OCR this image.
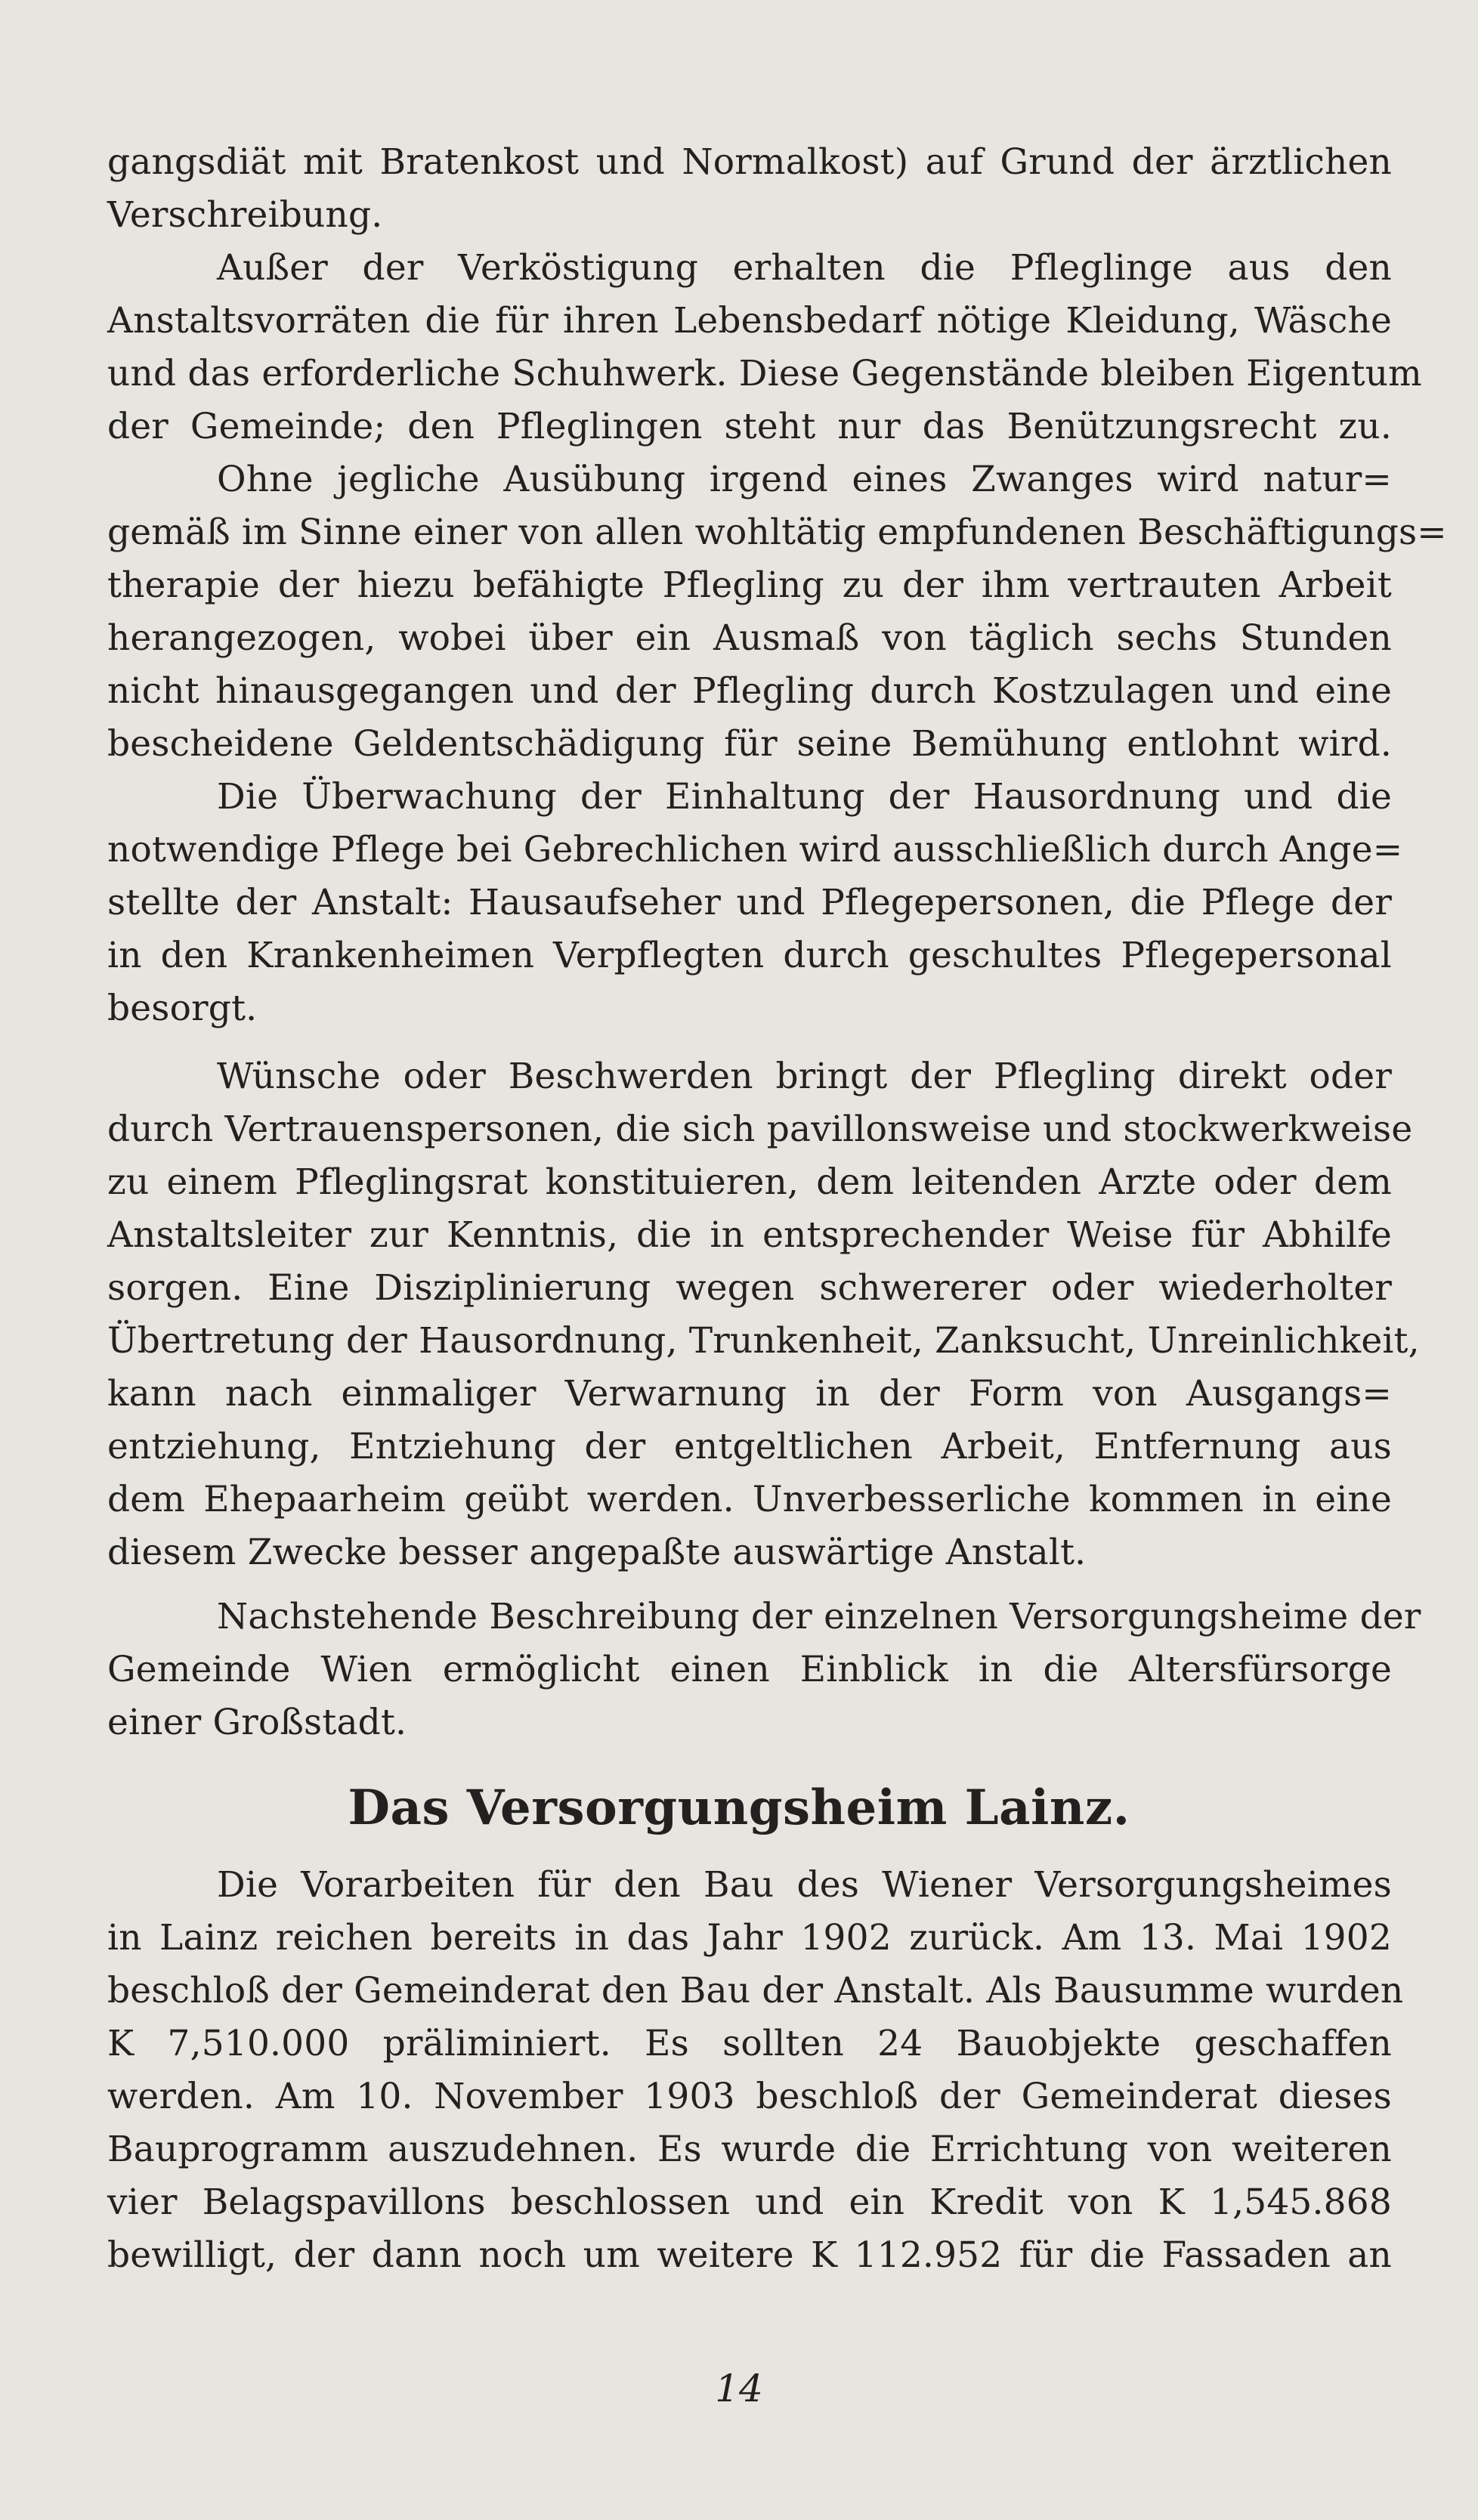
gangsdiät mit Bratenkost und Normalkost) auf Grund der ärztlichen
Verschreibung.
Außer der Verköstigung erhalten die Pfleglinge aus den
Anstaltsvorräten die für ihren Lebensbedarf nötige Kleidung, Wäsche
und das erforderliche Schuhwerk. Diese Gegenstände bleiben Eigentum
der Gemeinde; den Pfleglingen steht nur das Benützungsrecht zu.
Ohne jegliche Ausübung irgend eines Zwanges wird natur=
gemäß im Sinne einer von allen wohltätig empfundenen Beschäftigungs=
therapie der hiezu befähigte Pflegling zu der ihm vertrauten Arbeit
herangezogen, wobei über ein Ausmaß von täglich sechs Stunden
nicht hinausgegangen und der Pflegling durch Kostzulagen und eine
bescheidene Geldentschädigung für seine Bemühung entlohnt wird.
Die Überwachung der Einhaltung der Hausordnung und die
notwendige Pflege bei Gebrechlichen wird ausschließlich durch Ange=
stellte der Anstalt: Hausaufseher und Pflegepersonen, die Pflege der
in den Krankenheimen Verpflegten durch geschultes Pflegepersonal
besorgt.
Wünsche oder Beschwerden bringt der Pflegling direkt oder
durch Vertrauenspersonen, die sich pavillonsweise und stockwerkweise
zu einem Pfleglingsrat konstituieren, dem leitenden Arzte oder dem
Anstaltsleiter zur Kenntnis, die in entsprechender Weise für Abhilfe
sorgen. Eine Disziplinierung wegen schwererer oder wiederholter
Übertretung der Hausordnung, Trunkenheit, Zanksucht, Unreinlichkeit,
kann nach einmaliger Verwarnung in der Form von Ausgangs=
entziehung, Entziehung der entgeltlichen Arbeit, Entfernung aus
dem Ehepaarheim geübt werden. Unverbesserliche kommen in eine
diesem Zwecke besser angepaßte auswärtige Anstalt.
Nachstehende Beschreibung der einzelnen Versorgungsheime der
Gemeinde Wien ermöglicht einen Einblick in die Altersfürsorge
einer Großstadt.
Das Versorgungsheim Lainz.
Die Vorarbeiten für den Bau des Wiener Versorgungsheimes
in Lainz reichen bereits in das Jahr 1902 zurück. Am 13. Mai 1902
beschloß der Gemeinderat den Bau der Anstalt. Als Bausumme wurden
K 7,510.000 präliminiert. Es sollten 24 Bauobjekte geschaffen
werden. Am 10. November 1903 beschloß der Gemeinderat dieses
Bauprogramm auszudehnen. Es wurde die Errichtung von weiteren
vier Belagspavillons beschlossen und ein Kredit von K 1,545.868
bewilligt, der dann noch um weitere K 112.952 für die Fassaden an
14
